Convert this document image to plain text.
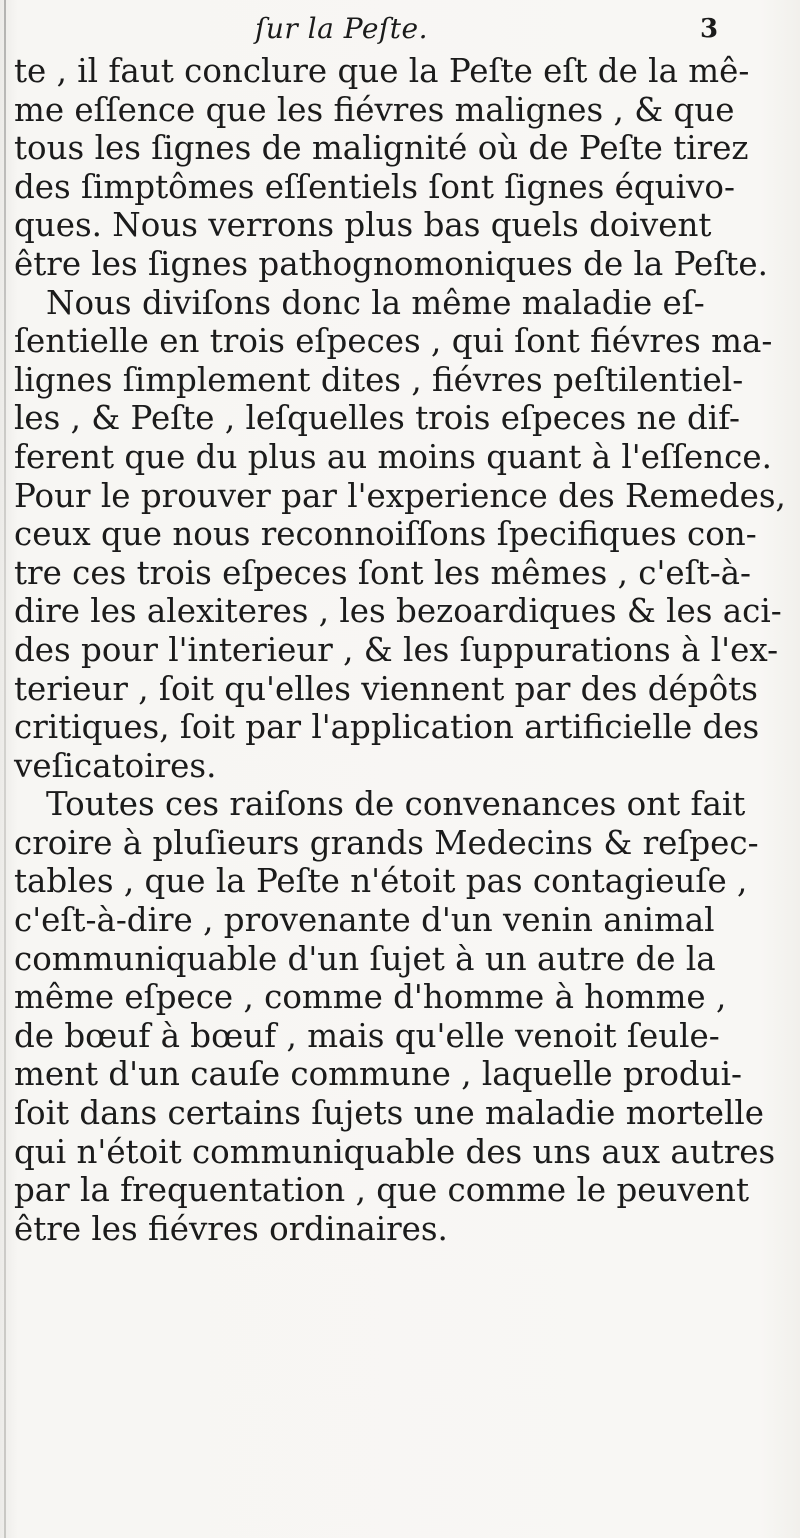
ſur la Peſte.	3
te , il faut conclure que la Peſte eſt de la mê-
me eſſence que les fiévres malignes , & que
tous les ſignes de malignité où de Peſte tirez
des ſimptômes eſſentiels ſont ſignes équivo-
ques. Nous verrons plus bas quels doivent
être les ſignes pathognomoniques de la Peſte.
Nous diviſons donc la même maladie eſ-
ſentielle en trois eſpeces , qui ſont fiévres ma-
lignes ſimplement dites , fiévres peſtilentiel-
les , & Peſte , leſquelles trois eſpeces ne dif-
ferent que du plus au moins quant à l'eſſence.
Pour le prouver par l'experience des Remedes,
ceux que nous reconnoiſſons ſpecifiques con-
tre ces trois eſpeces ſont les mêmes , c'eſt-à-
dire les alexiteres , les bezoardiques & les aci-
des pour l'interieur , & les ſuppurations à l'ex-
terieur , ſoit qu'elles viennent par des dépôts
critiques, ſoit par l'application artificielle des
veſicatoires.
Toutes ces raiſons de convenances ont fait
croire à pluſieurs grands Medecins & reſpec-
tables , que la Peſte n'étoit pas contagieuſe ,
c'eſt-à-dire , provenante d'un venin animal
communiquable d'un ſujet à un autre de la
même eſpece , comme d'homme à homme ,
de bœuf à bœuf , mais qu'elle venoit ſeule-
ment d'un cauſe commune , laquelle produi-
ſoit dans certains ſujets une maladie mortelle
qui n'étoit communiquable des uns aux autres
par la frequentation , que comme le peuvent
être les fiévres ordinaires.
